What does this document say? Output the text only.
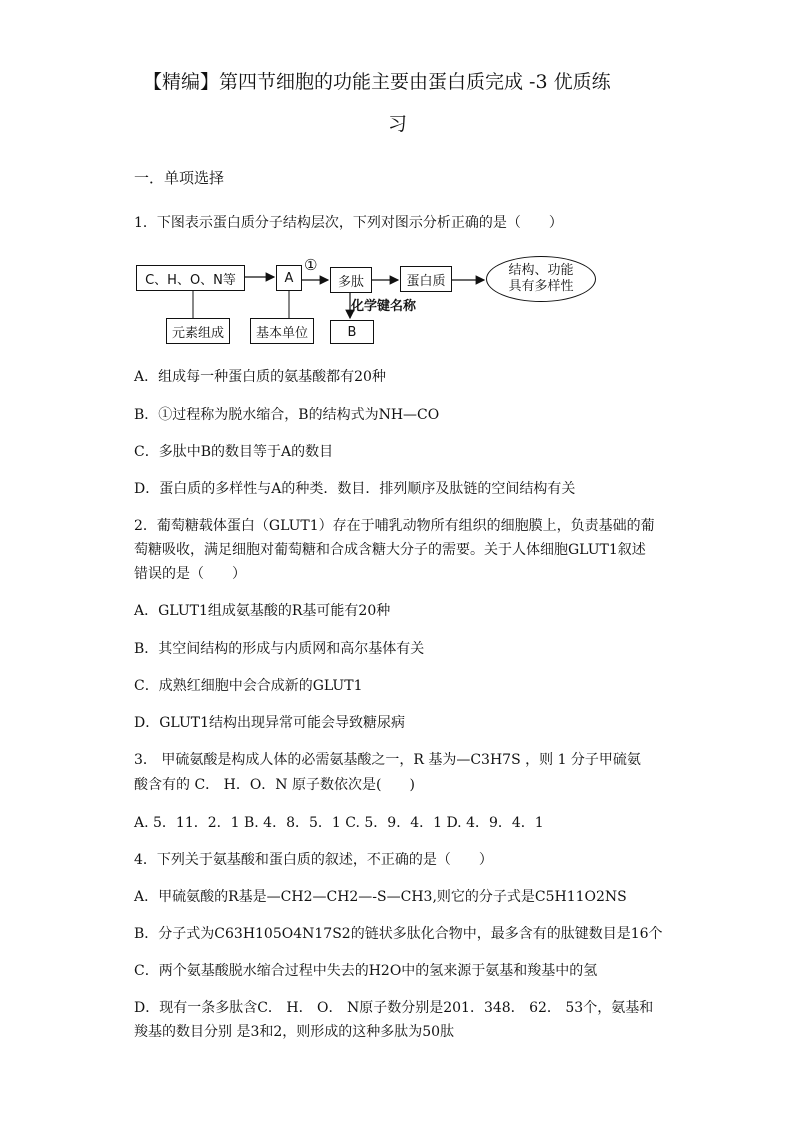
【精编】第四节细胞的功能主要由蛋白质完成 -3 优质练
习
一．单项选择
1．下图表示蛋白质分子结构层次，下列对图示分析正确的是（　　）
C、H、O、N等	A
①
多肽	蛋白质
结构、功能
具有多样性
元素组成	基本单位
化学键名称
B
A．组成每一种蛋白质的氨基酸都有20种
B．①过程称为脱水缩合，B的结构式为NH—CO
C．多肽中B的数目等于A的数目
D．蛋白质的多样性与A的种类．数目．排列顺序及肽链的空间结构有关
2．葡萄糖载体蛋白（GLUT1）存在于哺乳动物所有组织的细胞膜上，负责基础的葡
萄糖吸收，满足细胞对葡萄糖和合成含糖大分子的需要。关于人体细胞GLUT1叙述
错误的是（　　）
A．GLUT1组成氨基酸的R基可能有20种
B．其空间结构的形成与内质网和高尔基体有关
C．成熟红细胞中会合成新的GLUT1
D．GLUT1结构出现异常可能会导致糖尿病
3． 甲硫氨酸是构成人体的必需氨基酸之一，R 基为—C3H7S ，则 1 分子甲硫氨
酸含有的 C． H．O．N 原子数依次是(　　)
A. 5．11．2．1 B. 4．8．5．1 C. 5．9．4．1 D. 4．9．4．1
4．下列关于氨基酸和蛋白质的叙述，不正确的是（　　）
A．甲硫氨酸的R基是—CH2—CH2—-S—CH3,则它的分子式是C5H11O2NS
B．分子式为C63H105O4N17S2的链状多肽化合物中，最多含有的肽键数目是16个
C．两个氨基酸脱水缩合过程中失去的H2O中的氢来源于氨基和羧基中的氢
D．现有一条多肽含C． H． O． N原子数分别是201．348． 62． 53个，氨基和
羧基的数目分别 是3和2，则形成的这种多肽为50肽
